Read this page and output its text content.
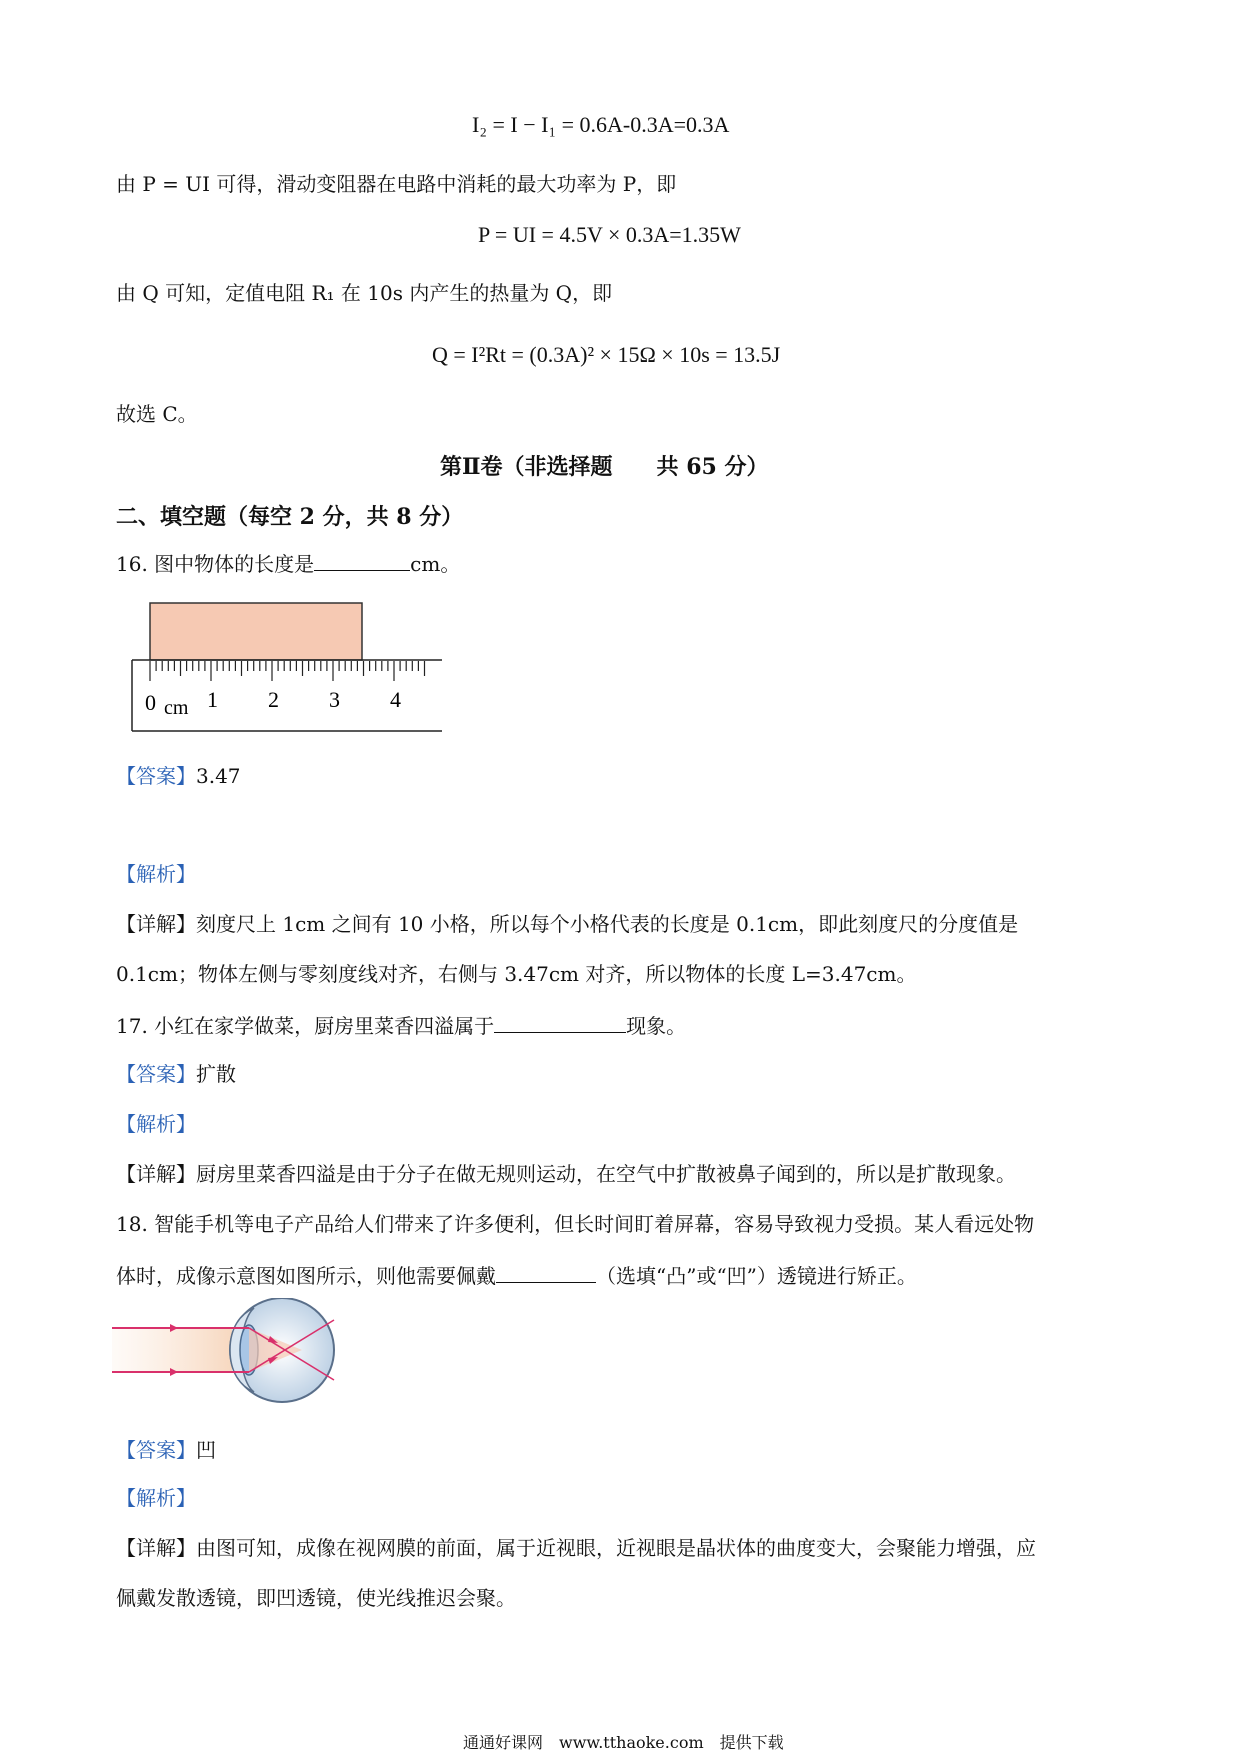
I₂ = I − I₁ = 0.6A-0.3A=0.3A
由 P = UI 可得，滑动变阻器在电路中消耗的最大功率为 P，即
P = UI = 4.5V × 0.3A=1.35W
由 Q 可知，定值电阻 R₁ 在 10s 内产生的热量为 Q，即
Q = I²Rt = (0.3A)² × 15Ω × 10s = 13.5J
故选 C。
第Ⅱ卷（非选择题　　共 65 分）
二、填空题（每空 2 分，共 8 分）
16. 图中物体的长度是	cm。
0 cm 1 2 3 4
【答案】3.47
【解析】
【详解】刻度尺上 1cm 之间有 10 小格，所以每个小格代表的长度是 0.1cm，即此刻度尺的分度值是
0.1cm；物体左侧与零刻度线对齐，右侧与 3.47cm 对齐，所以物体的长度 L=3.47cm。
17. 小红在家学做菜，厨房里菜香四溢属于	现象。
【答案】扩散
【解析】
【详解】厨房里菜香四溢是由于分子在做无规则运动，在空气中扩散被鼻子闻到的，所以是扩散现象。
18. 智能手机等电子产品给人们带来了许多便利，但长时间盯着屏幕，容易导致视力受损。某人看远处物
体时，成像示意图如图所示，则他需要佩戴	（选填“凸”或“凹”）透镜进行矫正。
【答案】凹
【解析】
【详解】由图可知，成像在视网膜的前面，属于近视眼，近视眼是晶状体的曲度变大，会聚能力增强，应
佩戴发散透镜，即凹透镜，使光线推迟会聚。
通通好课网　www.tthaoke.com　提供下载
